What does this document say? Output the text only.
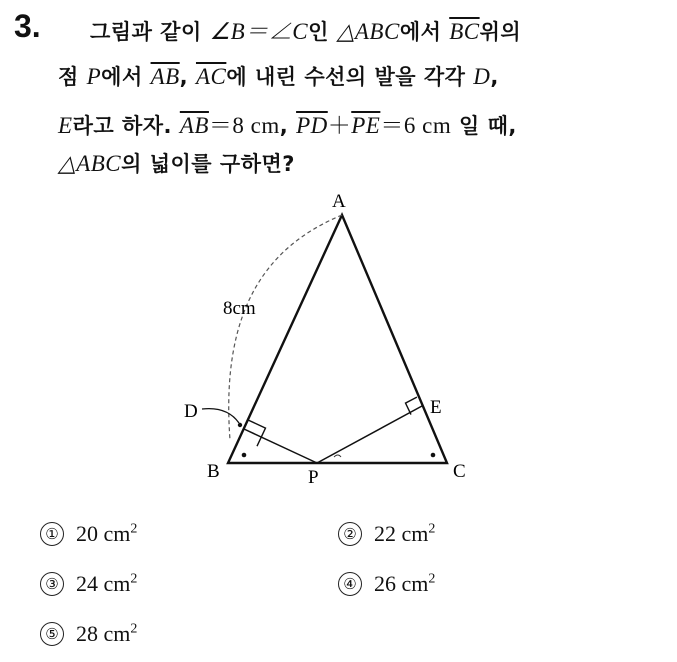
3. 그림과 같이 ∠B＝∠C인 △ABC에서 $\overline{BC}$위의
점 P에서 $\overline{AB}$, $\overline{AC}$에 내린 수선의 발을 각각 D,
E라고 하자. $\overline{AB}=8$ cm, $\overline{PD}+\overline{PE}=6$ cm 일 때,
△ABC의 넓이를 구하면?
A
B	C
P
D	E
8cm
① 20 $cm^2$	② 22 $cm^2$
③ 24 $cm^2$	④ 26 $cm^2$
⑤ 28 $cm^2$
